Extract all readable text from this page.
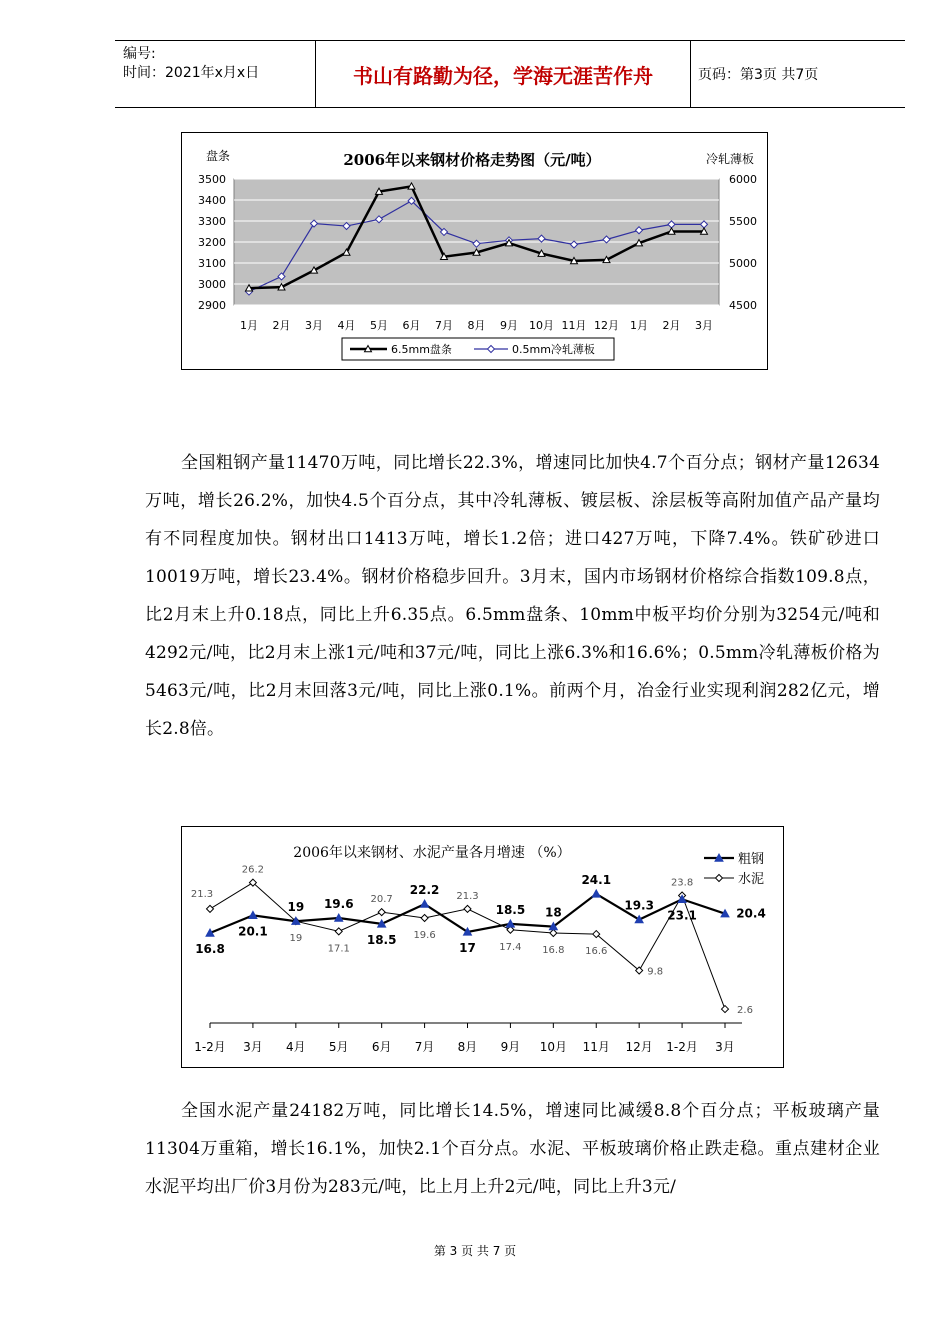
编号:
时间：2021年x月x日	书山有路勤为径，学海无涯苦作舟	页码：第3页 共7页
2006年以来钢材价格走势图（元/吨）
盘条	冷轧薄板
3500
3400
3300
3200
3100
3000
2900
6000
5500
5000
4500
1月 2月 3月 4月 5月 6月 7月 8月 9月 10月 11月 12月 1月 2月 3月
6.5mm盘条	0.5mm冷轧薄板

全国粗钢产量11470万吨，同比增长22.3%，增速同比加快4.7个百分点；钢材产量12634万吨，增长26.2%，加快4.5个百分点，其中冷轧薄板、镀层板、涂层板等高附加值产品产量均有不同程度加快。钢材出口1413万吨，增长1.2倍；进口427万吨，下降7.4%。铁矿砂进口10019万吨，增长23.4%。钢材价格稳步回升。3月末，国内市场钢材价格综合指数109.8点，比2月末上升0.18点，同比上升6.35点。6.5mm盘条、10mm中板平均价分别为3254元/吨和4292元/吨，比2月末上涨1元/吨和37元/吨，同比上涨6.3%和16.6%；0.5mm冷轧薄板价格为5463元/吨，比2月末回落3元/吨，同比上涨0.1%。前两个月，冶金行业实现利润282亿元，增长2.8倍。

2006年以来钢材、水泥产量各月增速 （%）
1-2月 3月 4月 5月 6月 7月 8月 9月 10月 11月 12月 1-2月 3月
21.3
26.2
19
17.1
20.7
19.6
21.3
17.4 16.8 16.6
9.8
23.8
2.6
16.8
20.1
19 19.6
18.5
22.2
17
18.5 18
24.1
19.3
23.1	20.4
粗钢
水泥

全国水泥产量24182万吨，同比增长14.5%，增速同比减缓8.8个百分点；平板玻璃产量11304万重箱，增长16.1%，加快2.1个百分点。水泥、平板玻璃价格止跌走稳。重点建材企业水泥平均出厂价3月份为283元/吨，比上月上升2元/吨，同比上升3元/

第 3 页 共 7 页
